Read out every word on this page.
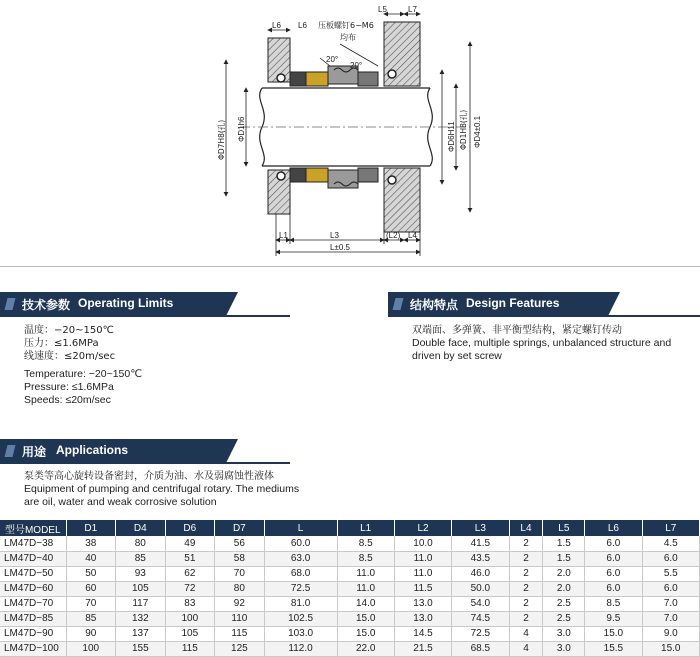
L6 L6
L5	L7
压板螺钉6−M6
均布
20°
20°
L1	L3	(L2) L4
L±0.5
ΦD7H8(孔) ΦD1h6	ΦD6H11 ΦD1H8(孔) ΦD4±0.1
技术参数 Operating Limits
温度：−20~150℃
压力：≤1.6MPa
线速度：≤20m/sec
Temperature: −20~150℃
Pressure: ≤1.6MPa
Speeds: ≤20m/sec
结构特点 Design Features
双端面、多弹簧、非平衡型结构，紧定螺钉传动
Double face, multiple springs, unbalanced structure and driven by set screw
用途 Applications
泵类等高心旋转设备密封，介质为油、水及弱腐蚀性液体
Equipment of pumping and centrifugal rotary. The mediums are oil, water and weak corrosive solution
型号MODEL	D1	D4	D6	D7	L	L1	L2	L3	L4	L5	L6	L7
LM47D−38	38	80	49	56	60.0	8.5	10.0	41.5	2	1.5	6.0	4.5
LM47D−40	40	85	51	58	63.0	8.5	11.0	43.5	2	1.5	6.0	6.0
LM47D−50	50	93	62	70	68.0	11.0	11.0	46.0	2	2.0	6.0	5.5
LM47D−60	60	105	72	80	72.5	11.0	11.5	50.0	2	2.0	6.0	6.0
LM47D−70	70	117	83	92	81.0	14.0	13.0	54.0	2	2.5	8.5	7.0
LM47D−85	85	132	100	110	102.5	15.0	13.0	74.5	2	2.5	9.5	7.0
LM47D−90	90	137	105	115	103.0	15.0	14.5	72.5	4	3.0	15.0	9.0
LM47D−100	100	155	115	125	112.0	22.0	21.5	68.5	4	3.0	15.5	15.0
